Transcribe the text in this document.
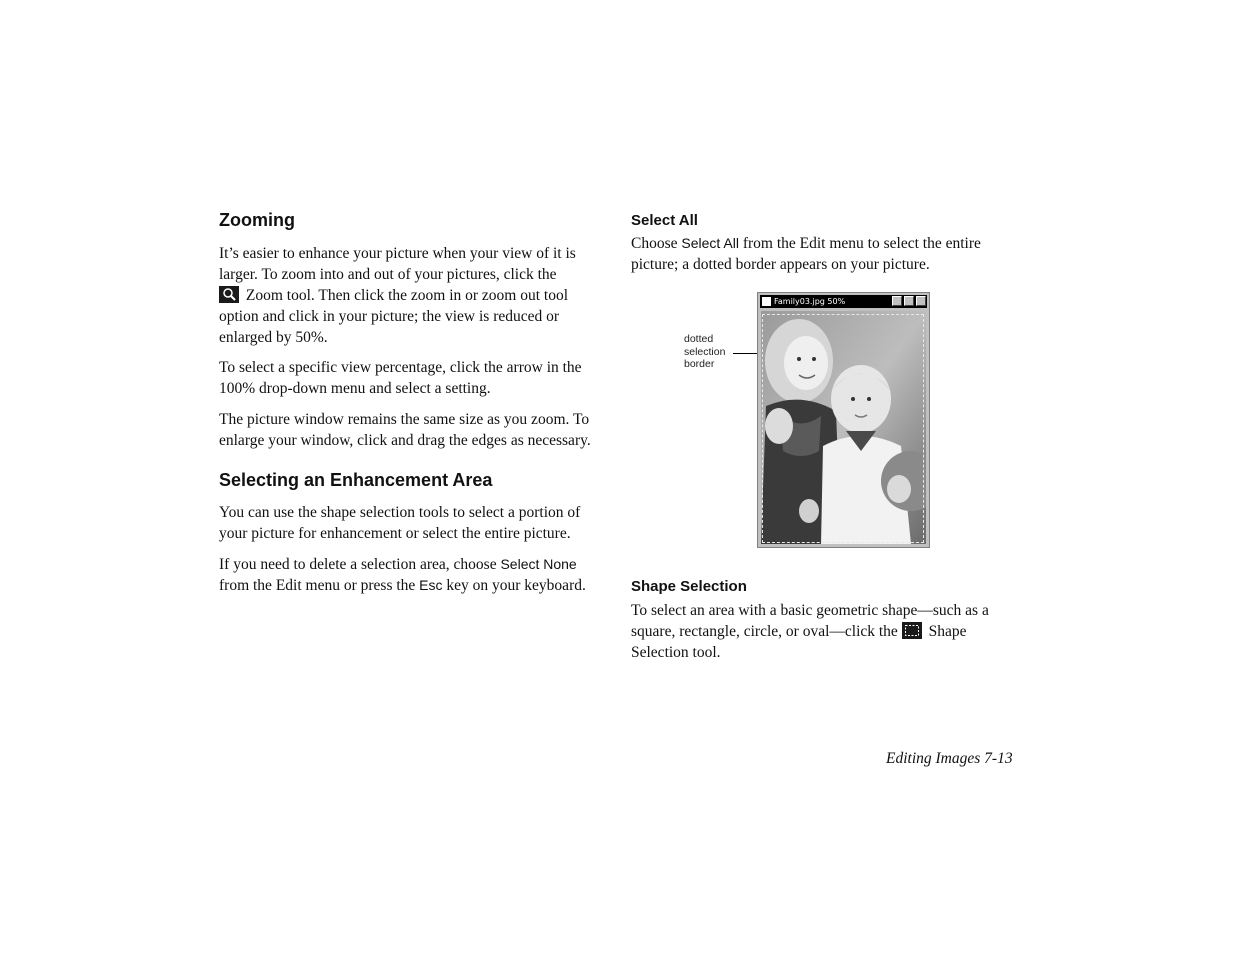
Zooming

It’s easier to enhance your picture when your view of it is larger. To zoom into and out of your pictures, click the

Zoom tool. Then click the zoom in or zoom out tool option and click in your picture; the view is reduced or enlarged by 50%.

To select a specific view percentage, click the arrow in the 100% drop-down menu and select a setting.

The picture window remains the same size as you zoom. To enlarge your window, click and drag the edges as necessary.

Selecting an Enhancement Area

You can use the shape selection tools to select a portion of your picture for enhancement or select the entire picture.

If you need to delete a selection area, choose Select None from the Edit menu or press the Esc key on your keyboard.

Select All

Choose Select All from the Edit menu to select the entire picture; a dotted border appears on your picture.

dotted
selection
border
Family03.jpg 50%
Shape Selection

To select an area with a basic geometric shape—such as a square, rectangle, circle, or oval—click the
Shape Selection tool.

Editing Images 7-13
